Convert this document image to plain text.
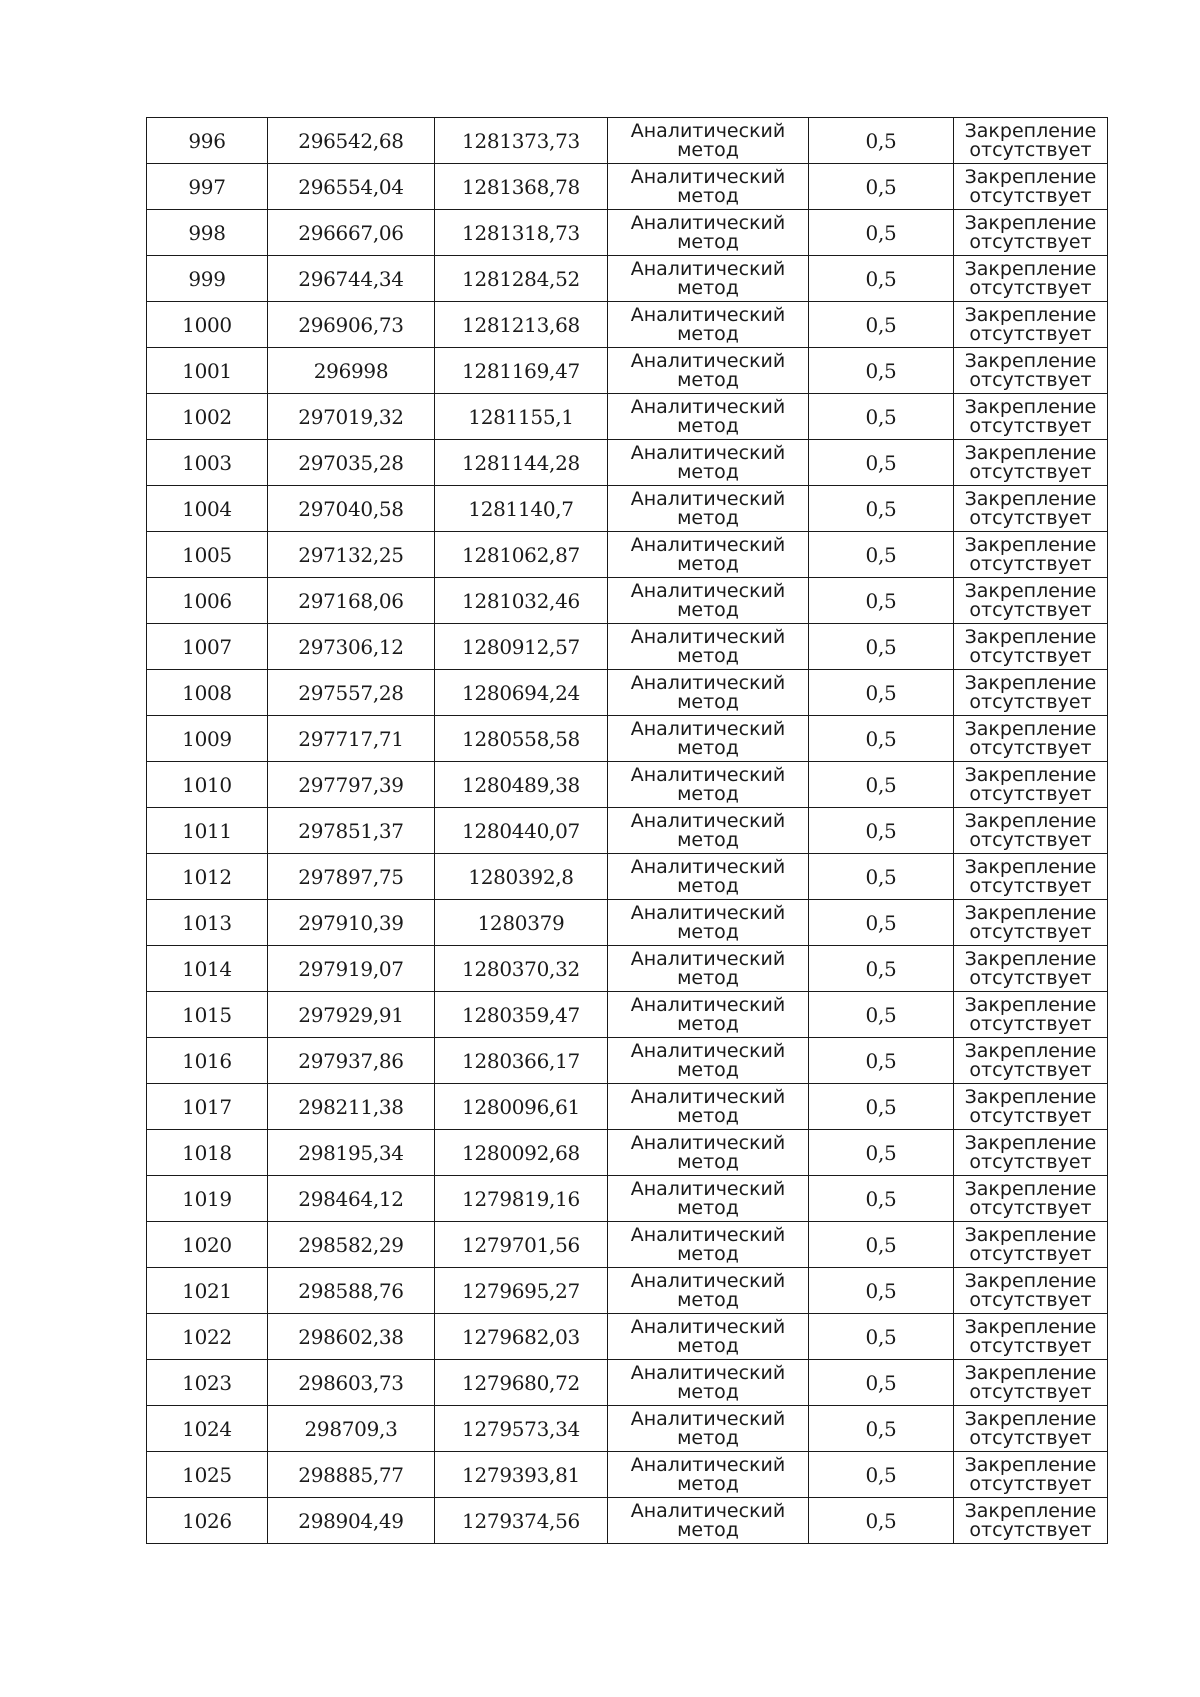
996	296542,68	1281373,73	Аналитический
метод	0,5	Закрепление
отсутствует

997	296554,04	1281368,78	Аналитический
метод	0,5	Закрепление
отсутствует

998	296667,06	1281318,73	Аналитический
метод	0,5	Закрепление
отсутствует

999	296744,34	1281284,52	Аналитический
метод	0,5	Закрепление
отсутствует

1000	296906,73	1281213,68	Аналитический
метод	0,5	Закрепление
отсутствует

1001	296998	1281169,47	Аналитический
метод	0,5	Закрепление
отсутствует

1002	297019,32	1281155,1	Аналитический
метод	0,5	Закрепление
отсутствует

1003	297035,28	1281144,28	Аналитический
метод	0,5	Закрепление
отсутствует

1004	297040,58	1281140,7	Аналитический
метод	0,5	Закрепление
отсутствует

1005	297132,25	1281062,87	Аналитический
метод	0,5	Закрепление
отсутствует

1006	297168,06	1281032,46	Аналитический
метод	0,5	Закрепление
отсутствует

1007	297306,12	1280912,57	Аналитический
метод	0,5	Закрепление
отсутствует

1008	297557,28	1280694,24	Аналитический
метод	0,5	Закрепление
отсутствует

1009	297717,71	1280558,58	Аналитический
метод	0,5	Закрепление
отсутствует

1010	297797,39	1280489,38	Аналитический
метод	0,5	Закрепление
отсутствует

1011	297851,37	1280440,07	Аналитический
метод	0,5	Закрепление
отсутствует

1012	297897,75	1280392,8	Аналитический
метод	0,5	Закрепление
отсутствует

1013	297910,39	1280379	Аналитический
метод	0,5	Закрепление
отсутствует

1014	297919,07	1280370,32	Аналитический
метод	0,5	Закрепление
отсутствует

1015	297929,91	1280359,47	Аналитический
метод	0,5	Закрепление
отсутствует

1016	297937,86	1280366,17	Аналитический
метод	0,5	Закрепление
отсутствует

1017	298211,38	1280096,61	Аналитический
метод	0,5	Закрепление
отсутствует

1018	298195,34	1280092,68	Аналитический
метод	0,5	Закрепление
отсутствует

1019	298464,12	1279819,16	Аналитический
метод	0,5	Закрепление
отсутствует

1020	298582,29	1279701,56	Аналитический
метод	0,5	Закрепление
отсутствует

1021	298588,76	1279695,27	Аналитический
метод	0,5	Закрепление
отсутствует

1022	298602,38	1279682,03	Аналитический
метод	0,5	Закрепление
отсутствует

1023	298603,73	1279680,72	Аналитический
метод	0,5	Закрепление
отсутствует

1024	298709,3	1279573,34	Аналитический
метод	0,5	Закрепление
отсутствует

1025	298885,77	1279393,81	Аналитический
метод	0,5	Закрепление
отсутствует

1026	298904,49	1279374,56	Аналитический
метод	0,5	Закрепление
отсутствует
